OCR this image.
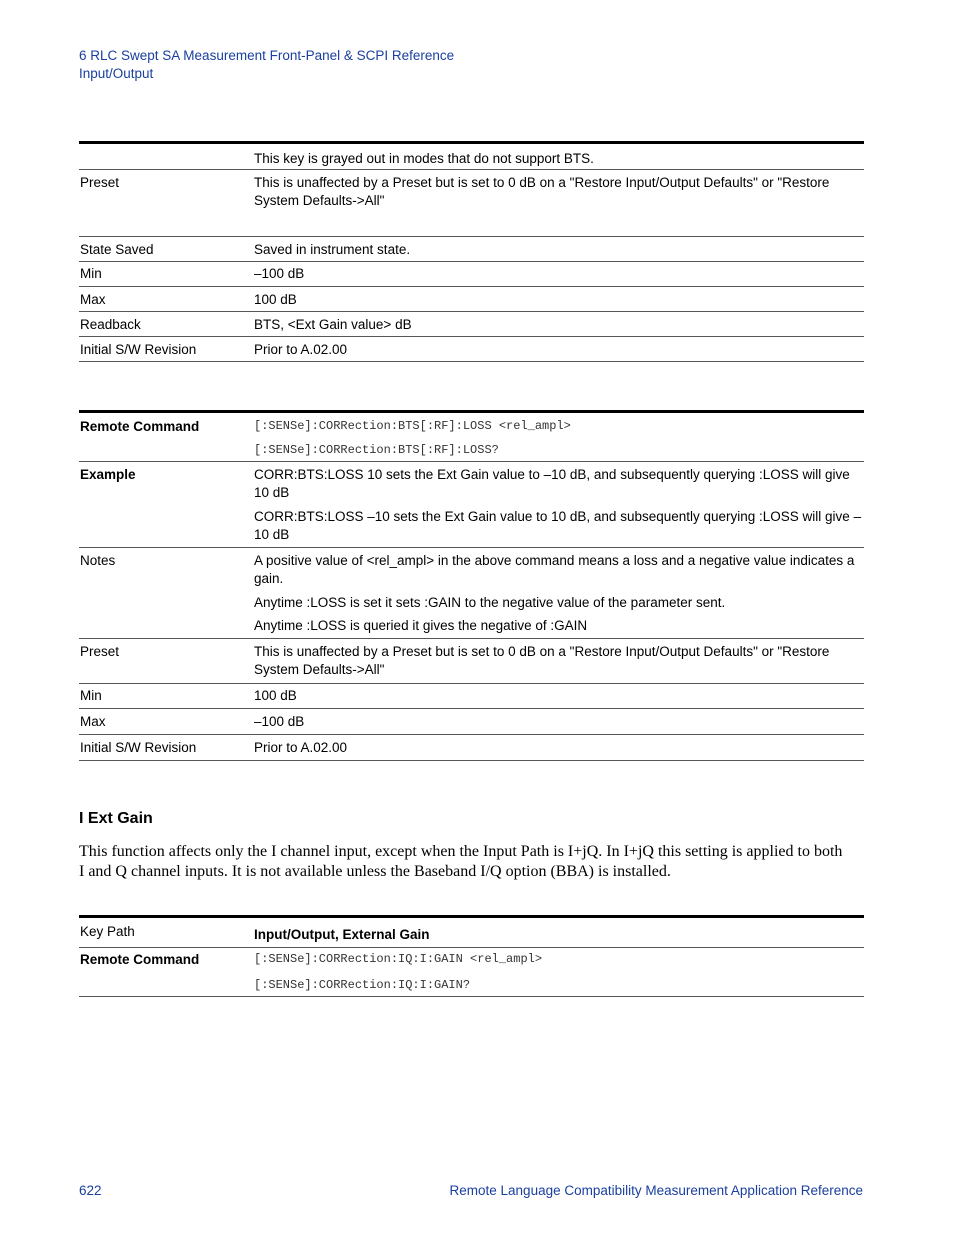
6 RLC Swept SA Measurement Front-Panel & SCPI Reference
Input/Output
	This key is grayed out in modes that do not support BTS.
Preset	This is unaffected by a Preset but is set to 0 dB on a "Restore Input/Output Defaults" or "Restore System Defaults->All"
State Saved	Saved in instrument state.
Min	–100 dB
Max	100 dB
Readback	BTS, <Ext Gain value> dB
Initial S/W Revision	Prior to A.02.00
Remote Command	[:SENSe]:CORRection:BTS[:RF]:LOSS <rel_ampl>
[:SENSe]:CORRection:BTS[:RF]:LOSS?

Example	CORR:BTS:LOSS 10 sets the Ext Gain value to –10 dB, and subsequently querying :LOSS will give 10 dB

CORR:BTS:LOSS –10 sets the Ext Gain value to 10 dB, and subsequently querying :LOSS will give –10 dB

Notes	A positive value of <rel_ampl> in the above command means a loss and a negative value indicates a gain.

Anytime :LOSS is set it sets :GAIN to the negative value of the parameter sent.

Anytime :LOSS is queried it gives the negative of :GAIN

Preset	This is unaffected by a Preset but is set to 0 dB on a "Restore Input/Output Defaults" or "Restore System Defaults->All"
Min	100 dB
Max	–100 dB
Initial S/W Revision	Prior to A.02.00
I Ext Gain
This function affects only the I channel input, except when the Input Path is I+jQ. In I+jQ this setting is applied to both I and Q channel inputs. It is not available unless the Baseband I/Q option (BBA) is installed.
Key Path	Input/Output, External Gain
Remote Command	[:SENSe]:CORRection:IQ:I:GAIN <rel_ampl>
[:SENSe]:CORRection:IQ:I:GAIN?
622	Remote Language Compatibility Measurement Application Reference
